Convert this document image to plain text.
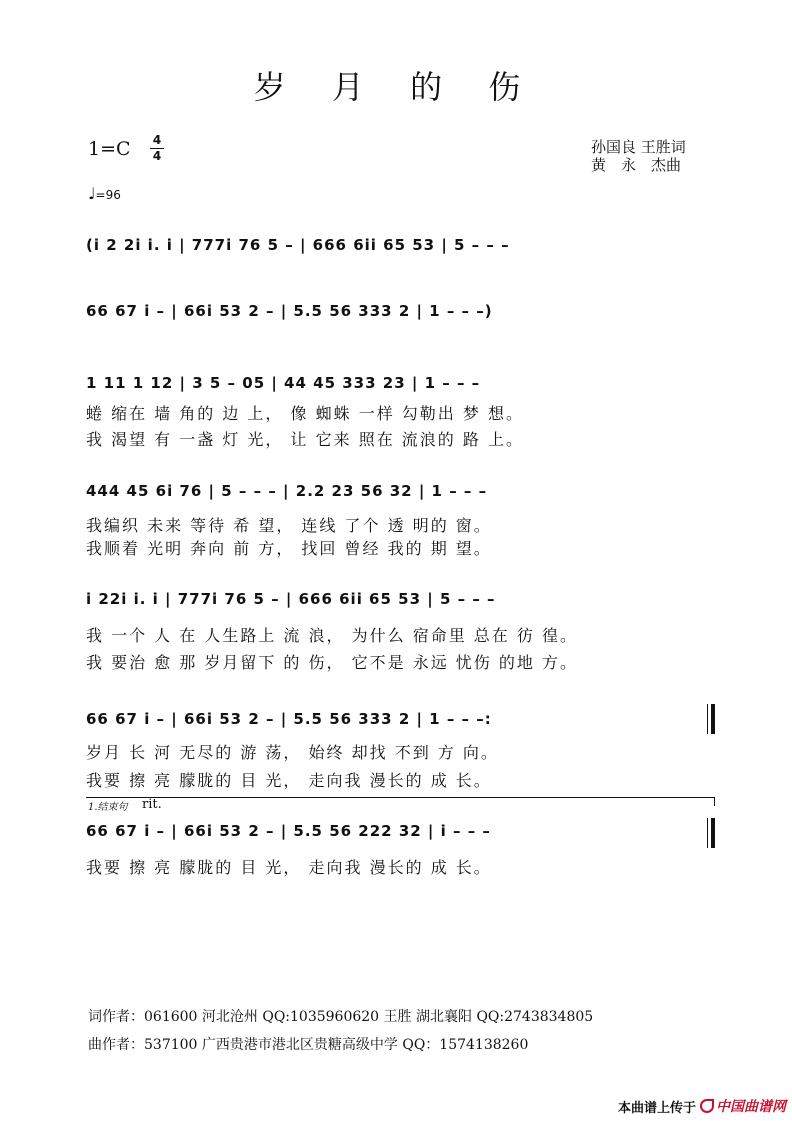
岁 月 的 伤
1=C 4
4	孙国良 王胜词
黄　永　杰曲
♩=96
(i 2 2i i. i | 777i 76 5 – | 666 6ii 65 53 | 5 – – –
66 67 i – | 66i 53 2 – | 5.5 56 333 2 | 1 – – –)
1 11 1 12 | 3 5 – 05 | 44 45 333 23 | 1 – – –
蜷 缩在 墙 角的 边 上， 像 蜘蛛 一样 勾勒出 梦 想。
我 渴望 有 一盏 灯 光， 让 它来 照在 流浪的 路 上。
444 45 6i 76 | 5 – – – | 2.2 23 56 32 | 1 – – –
我编织 未来 等待 希 望， 连线 了个 透 明的 窗。
我顺着 光明 奔向 前 方， 找回 曾经 我的 期 望。
i 22i i. i | 777i 76 5 – | 666 6ii 65 53 | 5 – – –
我 一个 人 在 人生路上 流 浪， 为什么 宿命里 总在 彷 徨。
我 要治 愈 那 岁月留下 的 伤， 它不是 永远 忧伤 的地 方。
66 67 i – | 66i 53 2 – | 5.5 56 333 2 | 1 – – –:
岁月 长 河 无尽的 游 荡， 始终 却找 不到 方 向。
我要 擦 亮 朦胧的 目 光， 走向我 漫长的 成 长。
1.结束句 rit.
66 67 i – | 66i 53 2 – | 5.5 56 222 32 | i – – –
我要 擦 亮 朦胧的 目 光， 走向我 漫长的 成 长。
词作者：061600 河北沧州 QQ:1035960620 王胜 湖北襄阳 QQ:2743834805
曲作者：537100 广西贵港市港北区贵糖高级中学 QQ：1574138260
本曲谱上传于 中国曲谱网
